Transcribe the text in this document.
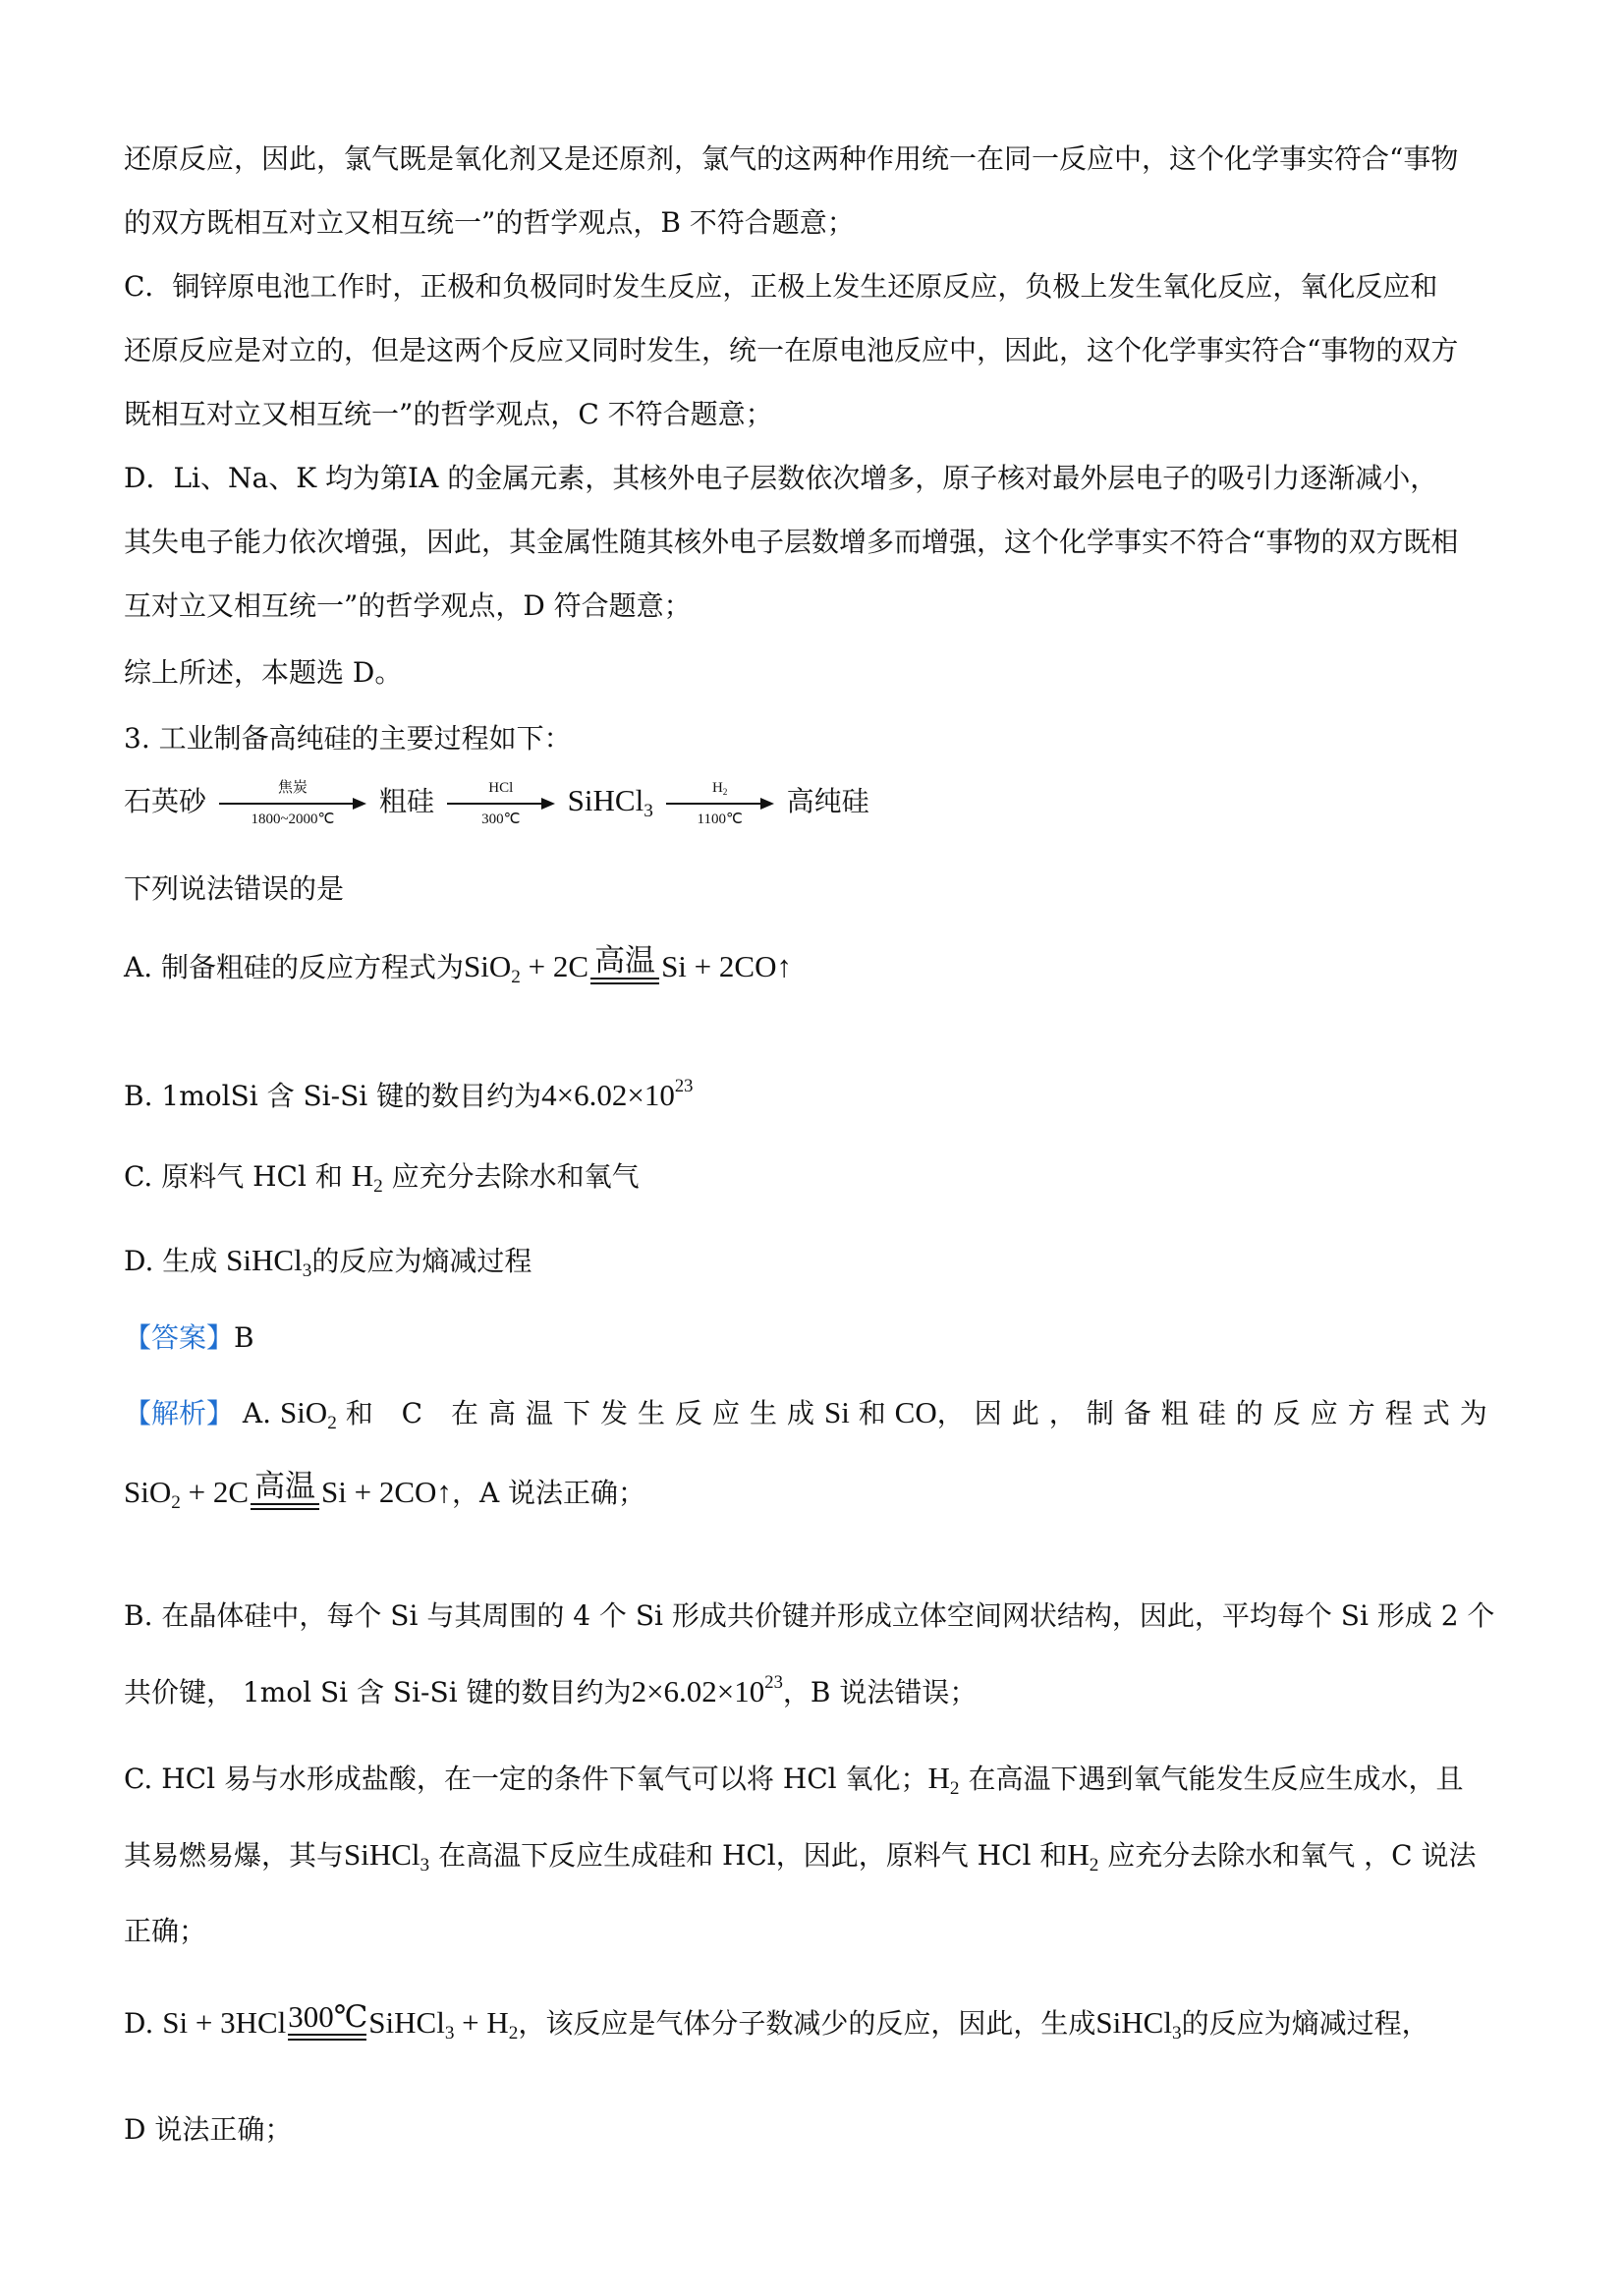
还原反应，因此，氯气既是氧化剂又是还原剂，氯气的这两种作用统一在同一反应中，这个化学事实符合“事物
的双方既相互对立又相互统一”的哲学观点，B 不符合题意；
C．铜锌原电池工作时，正极和负极同时发生反应，正极上发生还原反应，负极上发生氧化反应，氧化反应和
还原反应是对立的，但是这两个反应又同时发生，统一在原电池反应中，因此，这个化学事实符合“事物的双方
既相互对立又相互统一”的哲学观点，C 不符合题意；
D．Li、Na、K 均为第ⅠA 的金属元素，其核外电子层数依次增多，原子核对最外层电子的吸引力逐渐减小，
其失电子能力依次增强，因此，其金属性随其核外电子层数增多而增强，这个化学事实不符合“事物的双方既相
互对立又相互统一”的哲学观点，D 符合题意；
综上所述，本题选 D。
3. 工业制备高纯硅的主要过程如下：
石英砂	焦炭
1800~2000℃
粗硅	HCl
300℃
SiHCl$_3$
$H_2$
1100℃
高纯硅
下列说法错误的是
A. 制备粗硅的反应方程式为SiO$_2$ + 2C 高温 Si + 2CO↑
B. 1molSi 含 Si-Si 键的数目约为$4\times 6.02\times 10^{23}$
C. 原料气 HCl 和 $H_2$ 应充分去除水和氧气
D. 生成 SiHCl$_3$的反应为熵减过程
【答案】B
【解析】 A. SiO$_2$ 和 C 在高温下发生反应生成Si 和 CO，因此，制备粗硅的反应方程式为
SiO$_2$ + 2C 高温 Si + 2CO↑，A 说法正确；
B. 在晶体硅中，每个 Si 与其周围的 4 个 Si 形成共价键并形成立体空间网状结构，因此，平均每个 Si 形成 2 个
共价键， 1mol Si 含 Si-Si 键的数目约为$2\times 6.02\times 10^{23}$，B 说法错误；
C. HCl 易与水形成盐酸，在一定的条件下氧气可以将 HCl 氧化；$H_2$ 在高温下遇到氧气能发生反应生成水，且
其易燃易爆，其与SiHCl$_3$ 在高温下反应生成硅和 HCl，因此，原料气 HCl 和$H_2$ 应充分去除水和氧气 ，C 说法
正确；
D. Si + 3HCl 300℃ SiHCl$_3$ + $H_2$，该反应是气体分子数减少的反应，因此，生成SiHCl$_3$的反应为熵减过程，
D 说法正确；
